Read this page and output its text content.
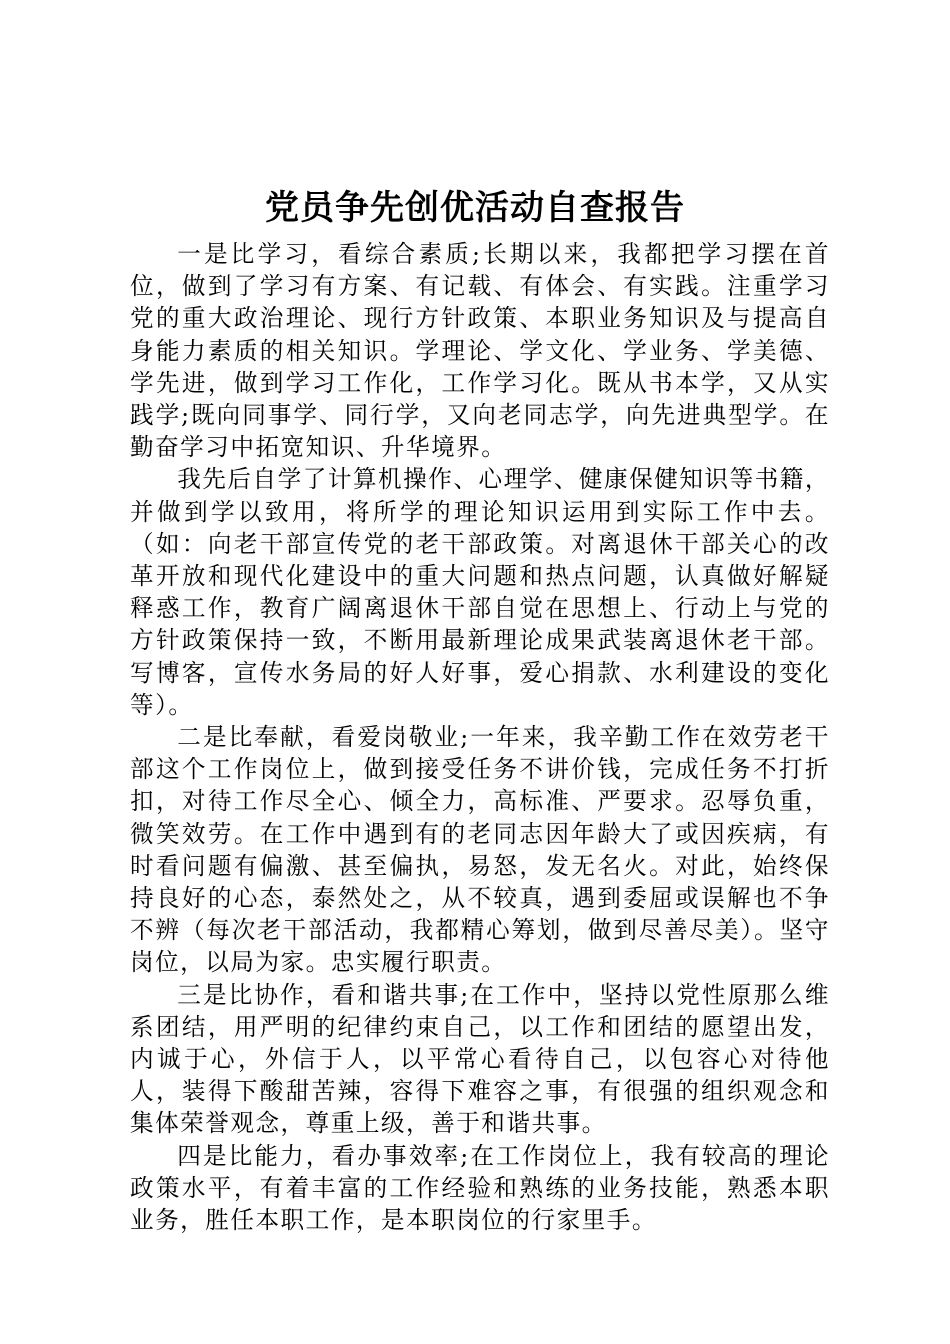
党员争先创优活动自查报告

一是比学习，看综合素质;长期以来，我都把学习摆在首位，做到了学习有方案、有记载、有体会、有实践。注重学习党的重大政治理论、现行方针政策、本职业务知识及与提高自身能力素质的相关知识。学理论、学文化、学业务、学美德、学先进，做到学习工作化，工作学习化。既从书本学，又从实践学;既向同事学、同行学，又向老同志学，向先进典型学。在勤奋学习中拓宽知识、升华境界。

我先后自学了计算机操作、心理学、健康保健知识等书籍，并做到学以致用，将所学的理论知识运用到实际工作中去。（如：向老干部宣传党的老干部政策。对离退休干部关心的改革开放和现代化建设中的重大问题和热点问题，认真做好解疑释惑工作，教育广阔离退休干部自觉在思想上、行动上与党的方针政策保持一致，不断用最新理论成果武装离退休老干部。写博客，宣传水务局的好人好事，爱心捐款、水利建设的变化等）。

二是比奉献，看爱岗敬业;一年来，我辛勤工作在效劳老干部这个工作岗位上，做到接受任务不讲价钱，完成任务不打折扣，对待工作尽全心、倾全力，高标准、严要求。忍辱负重，微笑效劳。在工作中遇到有的老同志因年龄大了或因疾病，有时看问题有偏激、甚至偏执，易怒，发无名火。对此，始终保持良好的心态，泰然处之，从不较真，遇到委屈或误解也不争不辨（每次老干部活动，我都精心筹划，做到尽善尽美）。坚守岗位，以局为家。忠实履行职责。

三是比协作，看和谐共事;在工作中，坚持以党性原那么维系团结，用严明的纪律约束自己，以工作和团结的愿望出发，内诚于心，外信于人，以平常心看待自己，以包容心对待他人，装得下酸甜苦辣，容得下难容之事，有很强的组织观念和集体荣誉观念，尊重上级，善于和谐共事。

四是比能力，看办事效率;在工作岗位上，我有较高的理论政策水平，有着丰富的工作经验和熟练的业务技能，熟悉本职业务，胜任本职工作，是本职岗位的行家里手。
